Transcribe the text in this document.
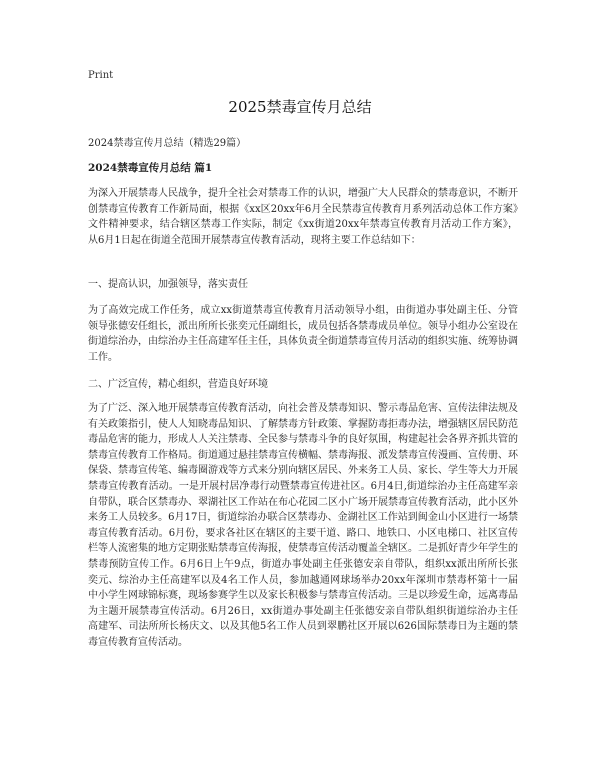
Print
2025禁毒宣传月总结
2024禁毒宣传月总结（精选29篇）
2024禁毒宣传月总结 篇1

为深入开展禁毒人民战争，提升全社会对禁毒工作的认识，增强广大人民群众的禁毒意识，不断开创禁毒宣传教育工作新局面，根据《xx区20xx年6月全民禁毒宣传教育月系列活动总体工作方案》文件精神要求，结合辖区禁毒工作实际，制定《xx街道20xx年禁毒宣传教育月活动工作方案》，从6月1日起在街道全范围开展禁毒宣传教育活动，现将主要工作总结如下：

一、提高认识，加强领导，落实责任

为了高效完成工作任务，成立xx街道禁毒宣传教育月活动领导小组，由街道办事处副主任、分管领导张德安任组长，派出所所长张奕元任副组长，成员包括各禁毒成员单位。领导小组办公室设在街道综治办，由综治办主任高建军任主任，具体负责全街道禁毒宣传月活动的组织实施、统筹协调工作。

二、广泛宣传，精心组织，营造良好环境

为了广泛、深入地开展禁毒宣传教育活动，向社会普及禁毒知识、警示毒品危害、宣传法律法规及有关政策指引，使人人知晓毒品知识、了解禁毒方针政策、掌握防毒拒毒办法，增强辖区居民防范毒品危害的能力，形成人人关注禁毒、全民参与禁毒斗争的良好氛围，构建起社会各界齐抓共管的禁毒宣传教育工作格局。街道通过悬挂禁毒宣传横幅、禁毒海报、派发禁毒宣传漫画、宣传册、环保袋、禁毒宣传笔、编毒圈游戏等方式来分别向辖区居民、外来务工人员、家长、学生等大力开展禁毒宣传教育活动。一是开展村居净毒行动暨禁毒宣传进社区。6月4日,街道综治办主任高建军亲自带队，联合区禁毒办、翠湖社区工作站在布心花园二区小广场开展禁毒宣传教育活动，此小区外来务工人员较多。6月17日，街道综治办联合区禁毒办、金湖社区工作站到闽金山小区进行一场禁毒宣传教育活动。6月份，要求各社区在辖区的主要干道、路口、地铁口、小区电梯口、社区宣传栏等人流密集的地方定期张贴禁毒宣传海报，使禁毒宣传活动覆盖全辖区。二是抓好青少年学生的禁毒预防宣传工作。6月6日上午9点，街道办事处副主任张德安亲自带队，组织xx派出所所长张奕元、综治办主任高建军以及4名工作人员，参加越通网球场举办20xx年深圳市禁毒杯第十一届中小学生网球锦标赛，现场参赛学生以及家长积极参与禁毒宣传活动。三是以珍爱生命，远离毒品为主题开展禁毒宣传活动。6月26日，xx街道办事处副主任张德安亲自带队组织街道综治办主任高建军、司法所所长杨庆文、以及其他5名工作人员到翠鹏社区开展以626国际禁毒日为主题的禁毒宣传教育宣传活动。
